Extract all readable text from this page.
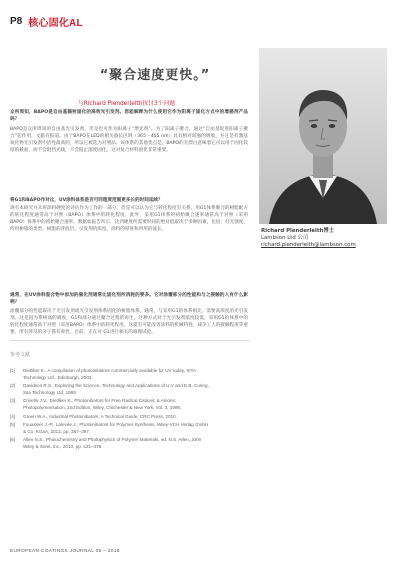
P8 核心固化AL
“聚合速度更快。”
与Richard Plenderleith探讨3个问题
Richard Plenderleith博士
Lambson Ltd 公司
richard.plenderleith@lambson.com

众所周知，BAPO是自由基辐射固化的高效光引发剂。您能解释为什么使用它作为阳离子固化方式中的增感剂产品吗？

BAPO是众所周知的自由基光引发剂，但是也可作为阳离子“增光剂”。为了阳离子聚合，通过“自由基促进阳离子聚合”起作用，文献有报道。由于BAPO在LED的相关波长区域（365～405 nm）具有相对较强的吸收，并且是有激基氧化物光引发剂中活性最高的，所以它被选为对照品。该体系的其他优点是，BAPO的光漂白意味着它可以用于固化较厚的截面，而不会阻挡光线，不会阻止深度固化。这对复合材料固化非常重要。

将G1和BAPO作对比，UV涂料体系是否可同理度范围更多长的时间延续？

现有本研究并未将涂料硬度的评估作为工作的一部分，但是可以认为它与转化程度有关系。用G1体系聚合的树脂配方的转化程度通常高于对照（BAPO）体系中的转化程度。此外，采用G1体系的初始聚合速率通常高于对照（采用BAPO）体系中的初始聚合速率，数据如报告所示，达到硬度所需要时间的绝对值取决于多种因素，包括：灯光强度、所用树脂的类型、树脂的背底层、引发剂的浓度、涂料的厚度和所用的波长。

通常，在UV涂料混合物中添加的催化剂通常比固化剂所消耗的要多。它对涂覆部分的性能和与之接触的人有什么影响？

涂覆部分的性能取决于光引发剂或光引发剂体系固化的树脂体系。通常，与采用G1的体系相比，需要高浓度的光引发剂。这是因为系统高的吸收，G1和部分通过聚合过程的再生。这种方式对于光引发剂浓度较低，采用G1的体系中的转化程度通常高于对照（采用BAPO）体系中的转化程度。这就有可能改善涂料的机械特性，减少工人的接触程度等重要，所有涉及的分子都有毒性。目前，正在对 G1进行相关的毒理试验。

参考文献
[1]	Dietliker K., A compilation of photoinitiators commercially available for UV today, SITA Technology Ltd., Edinburgh, 2002.
[2]	Davidson R.S., Exploring the Science, Technology and Applications of U.V and E.B. Curing, Sita Technology Ltd, 1999.
[3]	Crivello J.V., Dietliker K., Photoinitiators for Free Radical Cationic & Anionic Photopolymerisation, 2nd Edition, Wiley, Chichester & New York, Vol. 3, 1998.
[4]	Green W.A., Industrial Photoinitiators: A Technical Guide, CRC Press, 2010.
[5]	Fouassier J.-P., Lalevée J., Photoinitiators for Polymer Synthesis, Wiley-VCH Verlag GmbH & Co. KGaA, 2012, pp. 367–397.
[6]	Allen N.S., Photochemistry and Photophysics of Polymer Materials, ed. N.S. Allen, John Wiley & Sons, Inc., 2010, pp. 421–478.
EUROPEAN COATINGS JOURNAL 05 – 2018
